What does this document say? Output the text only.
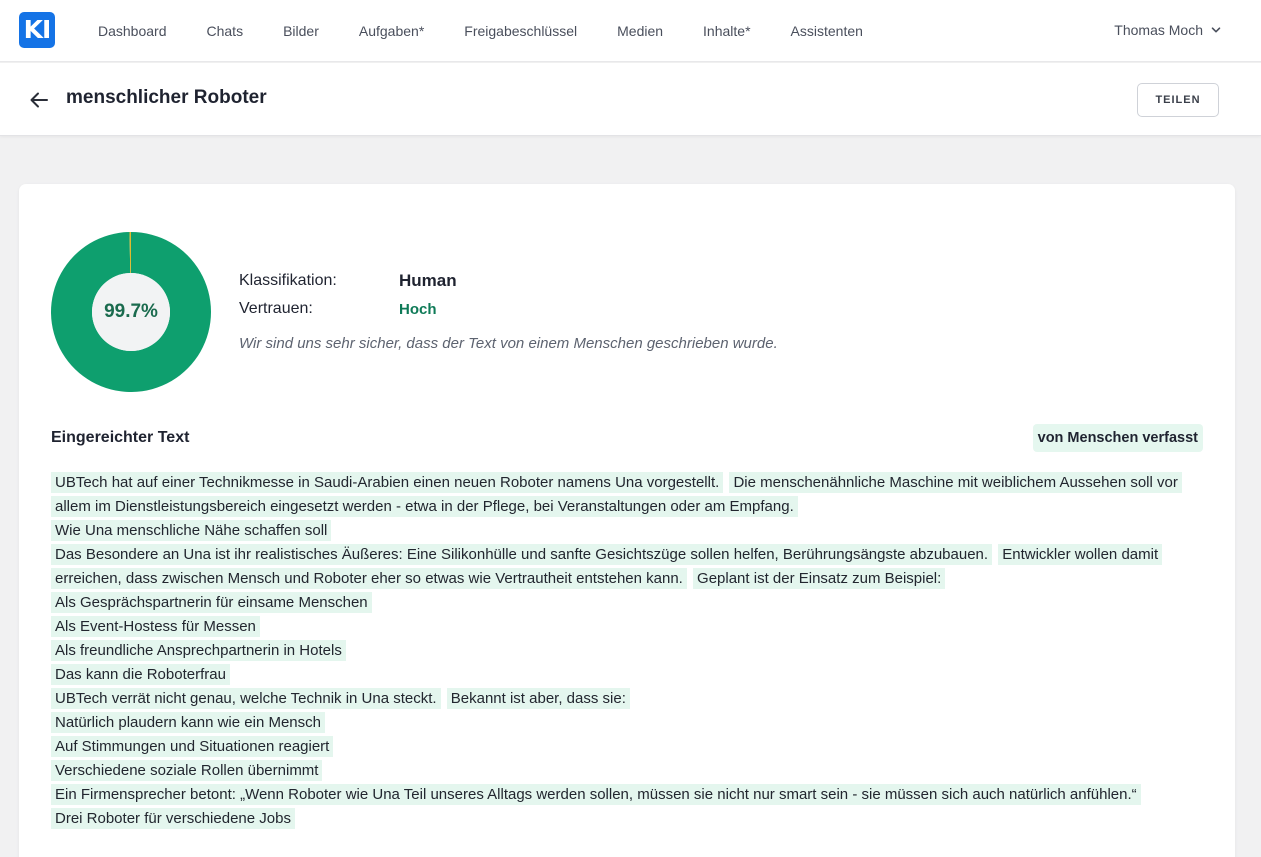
KI	Dashboard	Chats	Bilder	Aufgaben*	Freigabeschlüssel	Medien	Inhalte*	Assistenten	Thomas Moch
menschlicher Roboter	TEILEN
99.7%
Klassifikation:	Human
Vertrauen:	Hoch
Wir sind uns sehr sicher, dass der Text von einem Menschen geschrieben wurde.
Eingereichter Text	von Menschen verfasst
UBTech hat auf einer Technikmesse in Saudi-Arabien einen neuen Roboter namens Una vorgestellt. Die menschenähnliche Maschine mit weiblichem Aussehen soll vor allem im Dienstleistungsbereich eingesetzt werden - etwa in der Pflege, bei Veranstaltungen oder am Empfang.
Wie Una menschliche Nähe schaffen soll
Das Besondere an Una ist ihr realistisches Äußeres: Eine Silikonhülle und sanfte Gesichtszüge sollen helfen, Berührungsängste abzubauen. Entwickler wollen damit erreichen, dass zwischen Mensch und Roboter eher so etwas wie Vertrautheit entstehen kann. Geplant ist der Einsatz zum Beispiel:
Als Gesprächspartnerin für einsame Menschen
Als Event-Hostess für Messen
Als freundliche Ansprechpartnerin in Hotels
Das kann die Roboterfrau
UBTech verrät nicht genau, welche Technik in Una steckt. Bekannt ist aber, dass sie:
Natürlich plaudern kann wie ein Mensch
Auf Stimmungen und Situationen reagiert
Verschiedene soziale Rollen übernimmt
Ein Firmensprecher betont: „Wenn Roboter wie Una Teil unseres Alltags werden sollen, müssen sie nicht nur smart sein - sie müssen sich auch natürlich anfühlen.“
Drei Roboter für verschiedene Jobs
